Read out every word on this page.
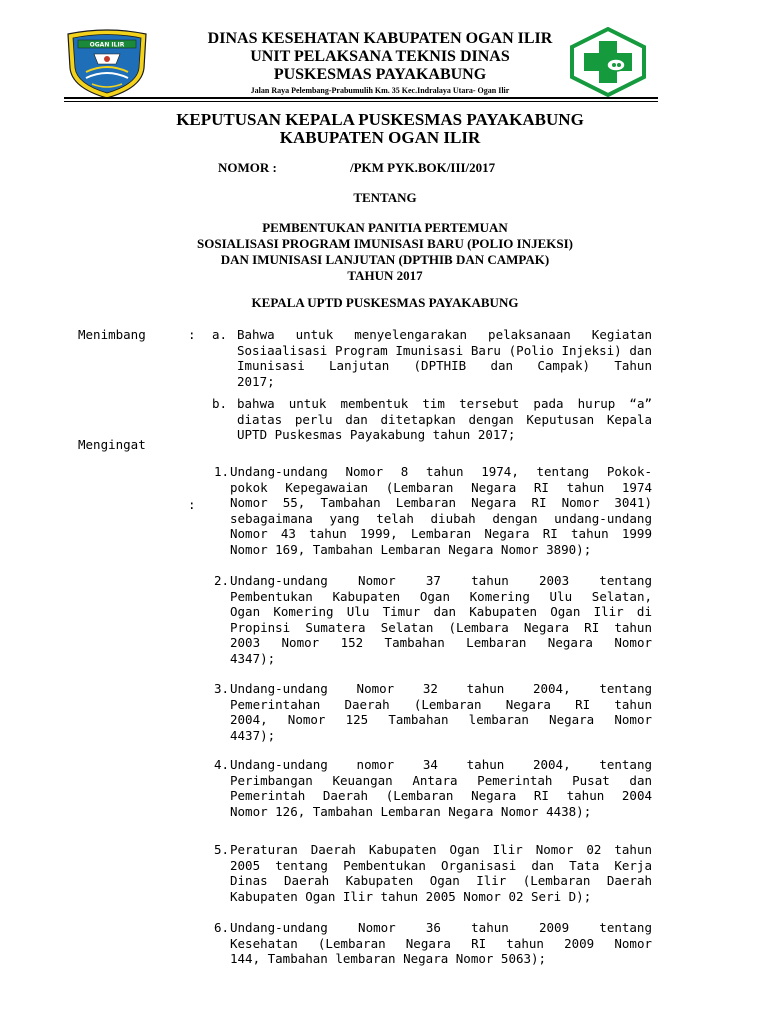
OGAN ILIR	DINAS KESEHATAN KABUPATEN OGAN ILIR
UNIT PELAKSANA TEKNIS DINAS
PUSKESMAS PAYAKABUNG
Jalan Raya Pelembang-Prabumulih Km. 35 Kec.Indralaya Utara- Ogan Ilir
KEPUTUSAN KEPALA PUSKESMAS PAYAKABUNG
KABUPATEN OGAN ILIR
NOMOR :	/PKM PYK.BOK/III/2017
TENTANG
PEMBENTUKAN PANITIA PERTEMUAN
SOSIALISASI PROGRAM IMUNISASI BARU (POLIO INJEKSI)
DAN IMUNISASI LANJUTAN (DPTHIB DAN CAMPAK)
TAHUN 2017
KEPALA UPTD PUSKESMAS PAYAKABUNG
Menimbang	: a. Bahwa untuk menyelengarakan pelaksanaan Kegiatan
Sosiaalisasi Program Imunisasi Baru (Polio Injeksi) dan
Imunisasi Lanjutan (DPTHIB dan Campak) Tahun
2017;
b. bahwa untuk membentuk tim tersebut pada hurup “a”
diatas perlu dan ditetapkan dengan Keputusan Kepala
UPTD Puskesmas Payakabung tahun 2017;
Mengingat
:
1. Undang-undang Nomor 8 tahun 1974, tentang Pokok-
pokok Kepegawaian (Lembaran Negara RI tahun 1974
Nomor 55, Tambahan Lembaran Negara RI Nomor 3041)
sebagaimana yang telah diubah dengan undang-undang
Nomor 43 tahun 1999, Lembaran Negara RI tahun 1999
Nomor 169, Tambahan Lembaran Negara Nomor 3890);
2. Undang-undang Nomor 37 tahun 2003 tentang
Pembentukan Kabupaten Ogan Komering Ulu Selatan,
Ogan Komering Ulu Timur dan Kabupaten Ogan Ilir di
Propinsi Sumatera Selatan (Lembara Negara RI tahun
2003 Nomor 152 Tambahan Lembaran Negara Nomor
4347);
3. Undang-undang Nomor 32 tahun 2004, tentang
Pemerintahan Daerah (Lembaran Negara RI tahun
2004, Nomor 125 Tambahan lembaran Negara Nomor
4437);
4. Undang-undang nomor 34 tahun 2004, tentang
Perimbangan Keuangan Antara Pemerintah Pusat dan
Pemerintah Daerah (Lembaran Negara RI tahun 2004
Nomor 126, Tambahan Lembaran Negara Nomor 4438);
5. Peraturan Daerah Kabupaten Ogan Ilir Nomor 02 tahun
2005 tentang Pembentukan Organisasi dan Tata Kerja
Dinas Daerah Kabupaten Ogan Ilir (Lembaran Daerah
Kabupaten Ogan Ilir tahun 2005 Nomor 02 Seri D);
6. Undang-undang Nomor 36 tahun 2009 tentang
Kesehatan (Lembaran Negara RI tahun 2009 Nomor
144, Tambahan lembaran Negara Nomor 5063);
